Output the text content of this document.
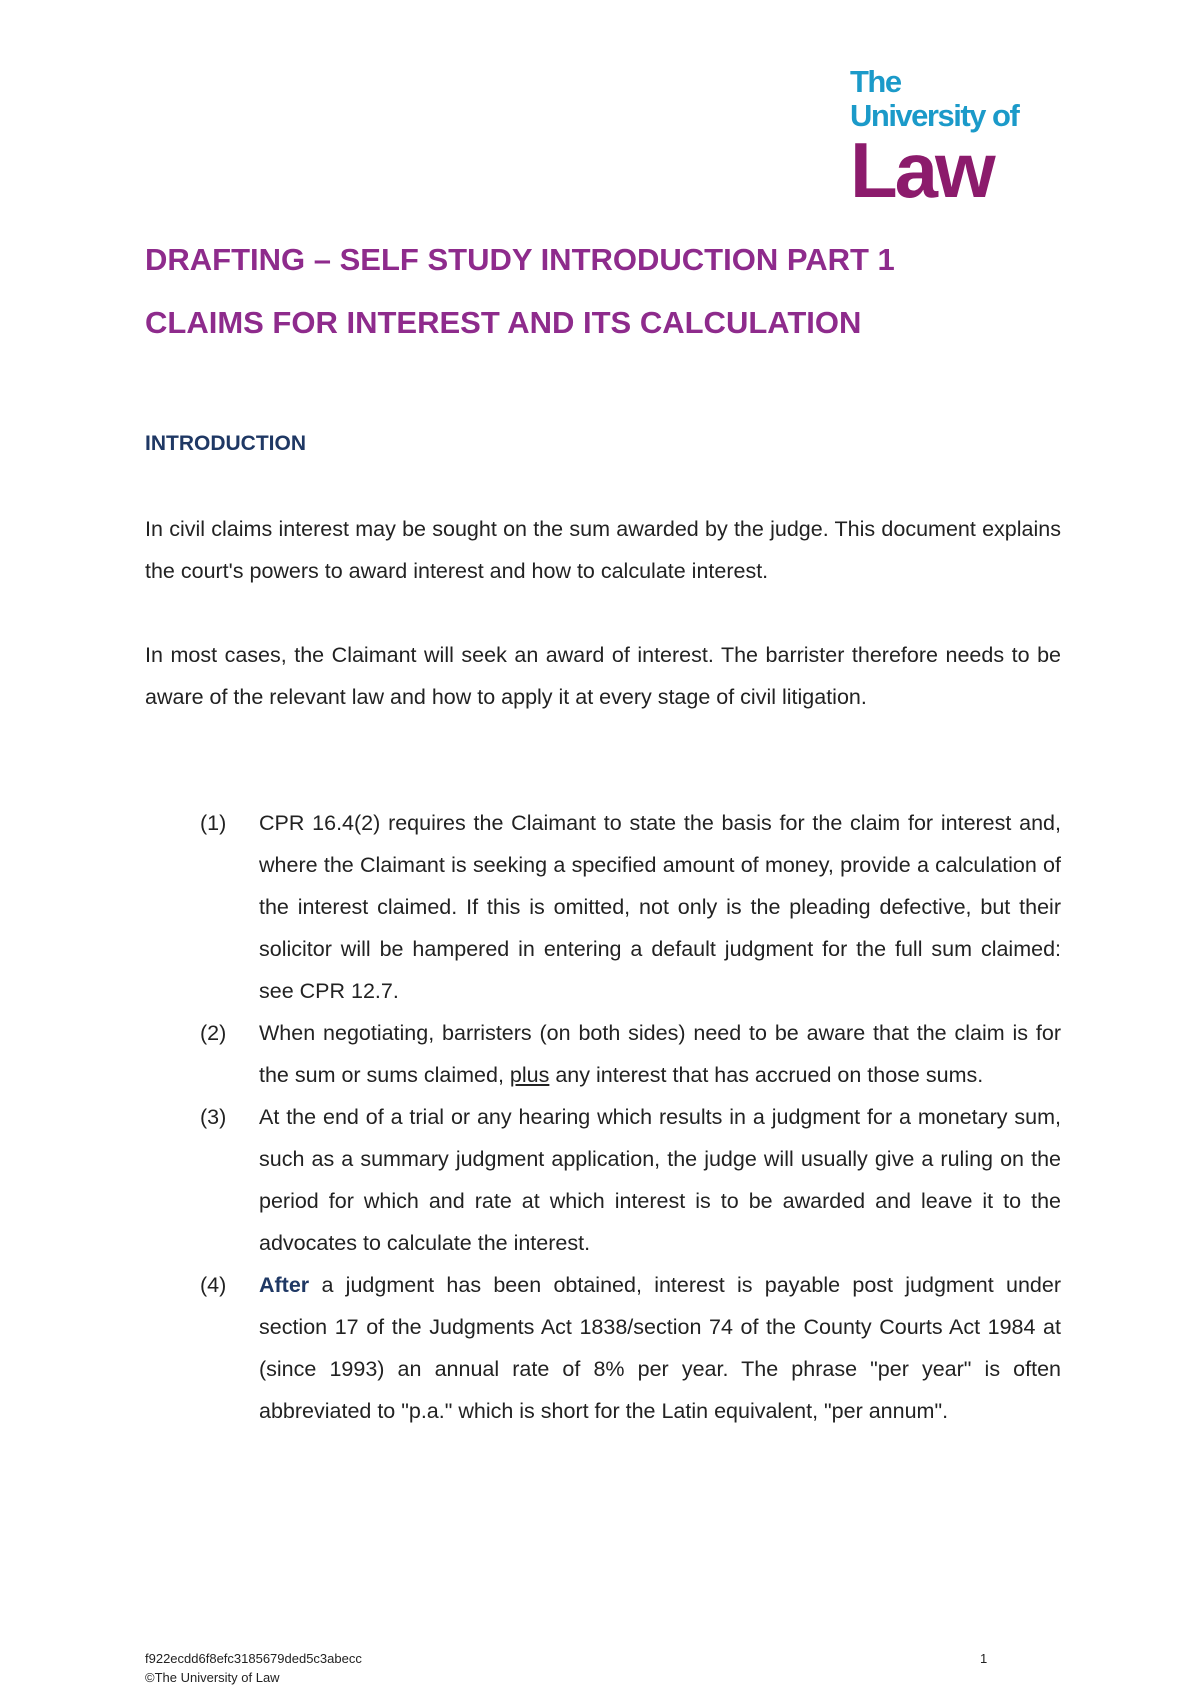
The
University of
Law
DRAFTING – SELF STUDY INTRODUCTION PART 1
CLAIMS FOR INTEREST AND ITS CALCULATION
INTRODUCTION

In civil claims interest may be sought on the sum awarded by the judge. This document explains the court's powers to award interest and how to calculate interest.

In most cases, the Claimant will seek an award of interest. The barrister therefore needs to be aware of the relevant law and how to apply it at every stage of civil litigation.

(1) CPR 16.4(2) requires the Claimant to state the basis for the claim for interest and, where the Claimant is seeking a specified amount of money, provide a calculation of the interest claimed. If this is omitted, not only is the pleading defective, but their solicitor will be hampered in entering a default judgment for the full sum claimed: see CPR 12.7.
(2) When negotiating, barristers (on both sides) need to be aware that the claim is for the sum or sums claimed, plus any interest that has accrued on those sums.
(3) At the end of a trial or any hearing which results in a judgment for a monetary sum, such as a summary judgment application, the judge will usually give a ruling on the period for which and rate at which interest is to be awarded and leave it to the advocates to calculate the interest.
(4) After a judgment has been obtained, interest is payable post judgment under section 17 of the Judgments Act 1838/section 74 of the County Courts Act 1984 at (since 1993) an annual rate of 8% per year. The phrase "per year" is often abbreviated to "p.a." which is short for the Latin equivalent, "per annum".
f922ecdd6f8efc3185679ded5c3abecc
©The University of Law
1
